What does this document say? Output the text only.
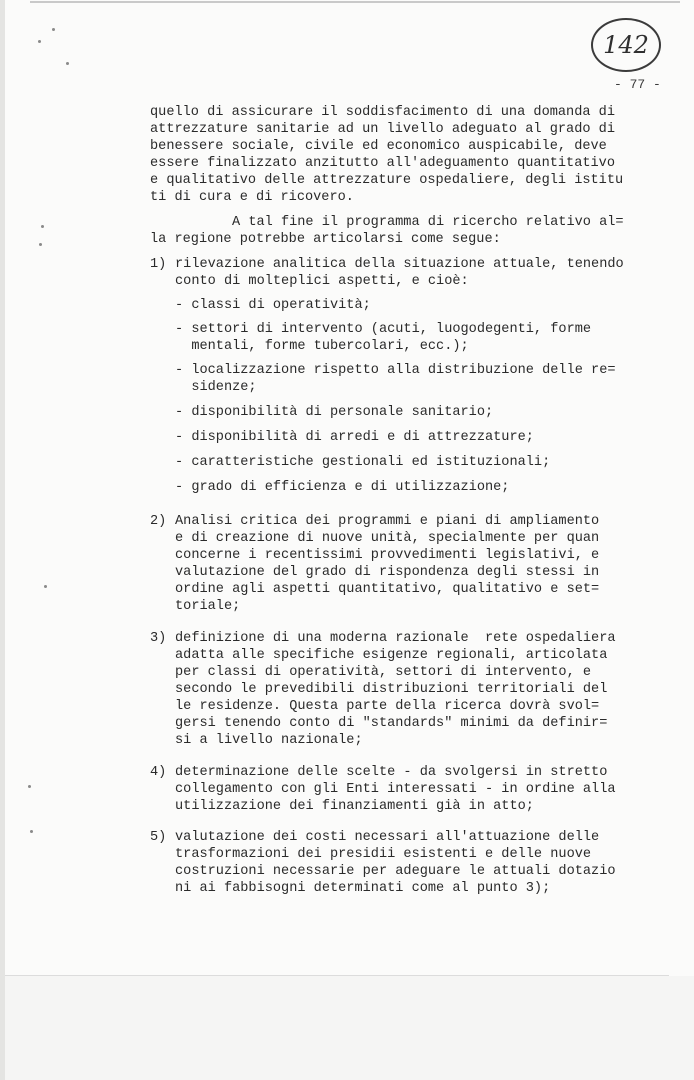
142
- 77 -

quello di assicurare il soddisfacimento di una domanda di

attrezzature sanitarie ad un livello adeguato al grado di

benessere sociale, civile ed economico auspicabile, deve

essere finalizzato anzitutto all'adeguamento quantitativo

e qualitativo delle attrezzature ospedaliere, degli istitu

ti di cura e di ricovero.

A tal fine il programma di ricercho relativo al=

la regione potrebbe articolarsi come segue:

1) rilevazione analitica della situazione attuale, tenendo

conto di molteplici aspetti, e cioè:

- classi di operatività;

- settori di intervento (acuti, luogodegenti, forme

mentali, forme tubercolari, ecc.);

- localizzazione rispetto alla distribuzione delle re=

sidenze;

- disponibilità di personale sanitario;

- disponibilità di arredi e di attrezzature;

- caratteristiche gestionali ed istituzionali;

- grado di efficienza e di utilizzazione;

2) Analisi critica dei programmi e piani di ampliamento

e di creazione di nuove unità, specialmente per quan

concerne i recentissimi provvedimenti legislativi, e

valutazione del grado di rispondenza degli stessi in

ordine agli aspetti quantitativo, qualitativo e set=

toriale;

3) definizione di una moderna razionale  rete ospedaliera

adatta alle specifiche esigenze regionali, articolata

per classi di operatività, settori di intervento, e

secondo le prevedibili distribuzioni territoriali del

le residenze. Questa parte della ricerca dovrà svol=

gersi tenendo conto di "standards" minimi da definir=

si a livello nazionale;

4) determinazione delle scelte - da svolgersi in stretto

collegamento con gli Enti interessati - in ordine alla

utilizzazione dei finanziamenti già in atto;

5) valutazione dei costi necessari all'attuazione delle

trasformazioni dei presidii esistenti e delle nuove

costruzioni necessarie per adeguare le attuali dotazio

ni ai fabbisogni determinati come al punto 3);
